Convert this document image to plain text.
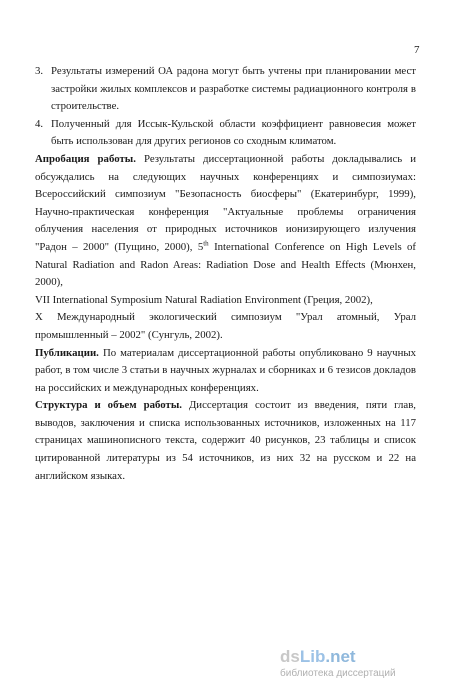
7
3. Результаты измерений ОА радона могут быть учтены при планировании мест застройки жилых комплексов и разработке системы радиационного контроля в строительстве.
4. Полученный для Иссык-Кульской области коэффициент равновесия может быть использован для других регионов со сходным климатом.

Апробация работы. Результаты диссертационной работы докладывались и обсуждались на следующих научных конференциях и симпозиумах: Всероссийский симпозиум "Безопасность биосферы" (Екатеринбург, 1999), Научно-практическая конференция "Актуальные проблемы ограничения облучения населения от природных источников ионизирующего излучения "Радон – 2000" (Пущино, 2000), 5th International Conference on High Levels of Natural Radiation and Radon Areas: Radiation Dose and Health Effects (Мюнхен, 2000),

VII International Symposium Natural Radiation Environment (Греция, 2002),

X Международный экологический симпозиум "Урал атомный, Урал промышленный – 2002" (Сунгуль, 2002).

Публикации. По материалам диссертационной работы опубликовано 9 научных работ, в том числе 3 статьи в научных журналах и сборниках и 6 тезисов докладов на российских и международных конференциях.

Структура и объем работы. Диссертация состоит из введения, пяти глав, выводов, заключения и списка использованных источников, изложенных на 117 страницах машинописного текста, содержит 40 рисунков, 23 таблицы и список цитированной литературы из 54 источников, из них 32 на русском и 22 на английском языках.

dsLib.net
библиотека диссертаций
